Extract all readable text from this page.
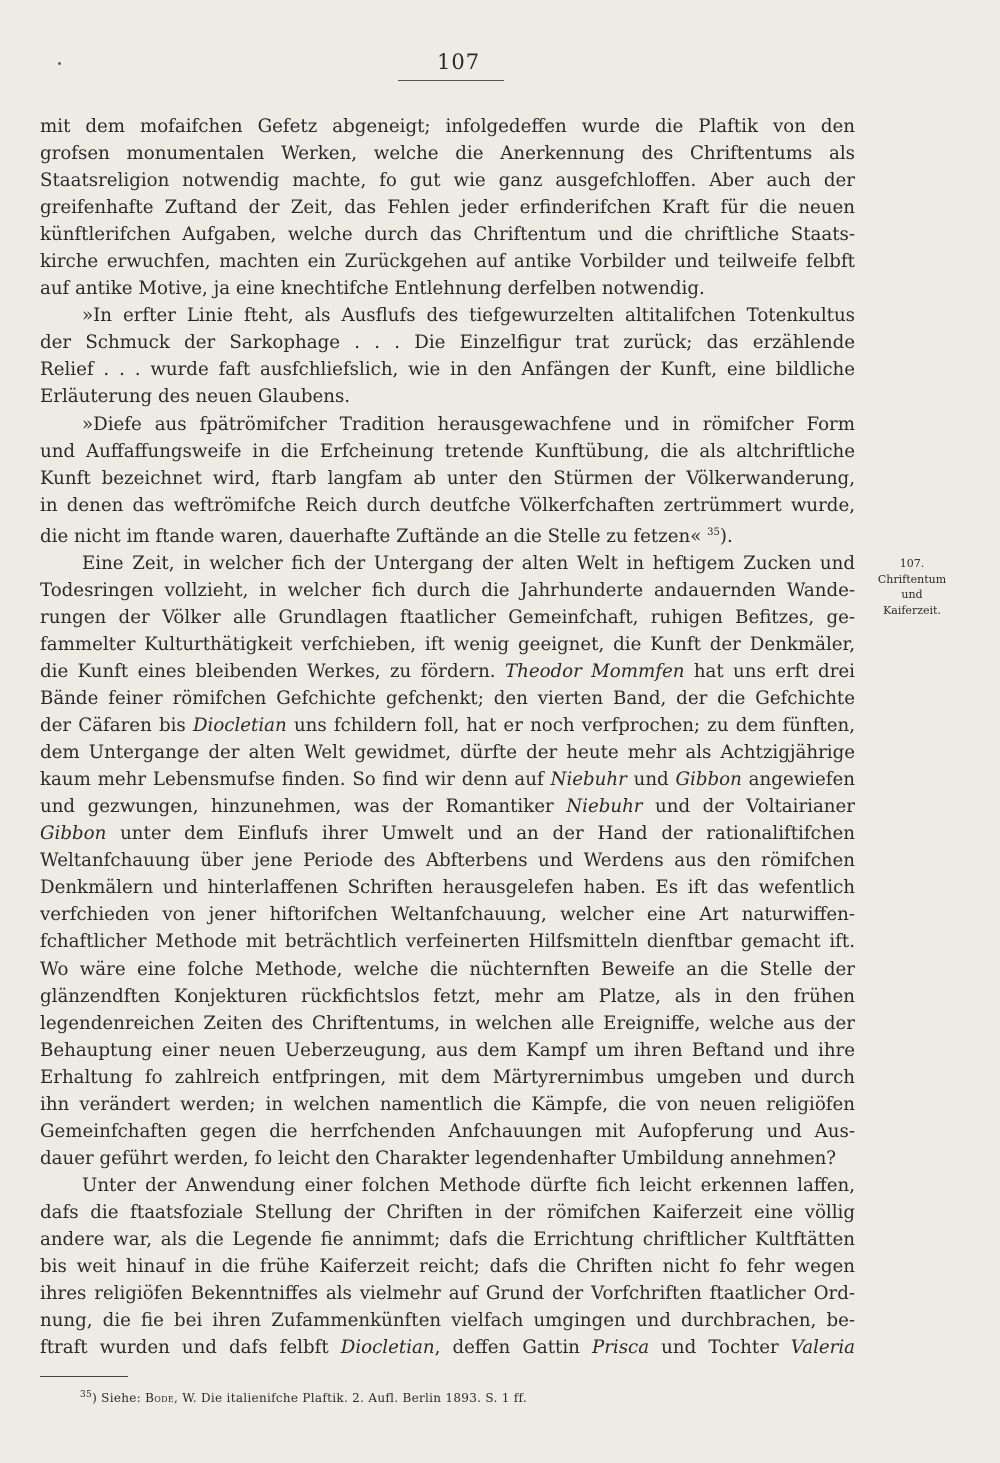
107

mit dem mofaifchen Gefetz abgeneigt; infolgedeffen wurde die Plaftik von den
grofsen monumentalen Werken, welche die Anerkennung des Chriftentums als
Staatsreligion notwendig machte, fo gut wie ganz ausgefchloffen. Aber auch der
greifenhafte Zuftand der Zeit, das Fehlen jeder erfinderifchen Kraft für die neuen
künftlerifchen Aufgaben, welche durch das Chriftentum und die chriftliche Staats-
kirche erwuchfen, machten ein Zurückgehen auf antike Vorbilder und teilweife felbft
auf antike Motive, ja eine knechtifche Entlehnung derfelben notwendig.

»In erfter Linie fteht, als Ausflufs des tiefgewurzelten altitalifchen Totenkultus
der Schmuck der Sarkophage . . . Die Einzelfigur trat zurück; das erzählende
Relief . . . wurde faft ausfchliefslich, wie in den Anfängen der Kunft, eine bildliche
Erläuterung des neuen Glaubens.

»Diefe aus fpätrömifcher Tradition herausgewachfene und in römifcher Form
und Auffaffungsweife in die Erfcheinung tretende Kunftübung, die als altchriftliche
Kunft bezeichnet wird, ftarb langfam ab unter den Stürmen der Völkerwanderung,
in denen das weftrömifche Reich durch deutfche Völkerfchaften zertrümmert wurde,
die nicht im ftande waren, dauerhafte Zuftände an die Stelle zu fetzen« $^{35}$).

Eine Zeit, in welcher fich der Untergang der alten Welt in heftigem Zucken und
Todesringen vollzieht, in welcher fich durch die Jahrhunderte andauernden Wande-
rungen der Völker alle Grundlagen ftaatlicher Gemeinfchaft, ruhigen Befitzes, ge-
fammelter Kulturthätigkeit verfchieben, ift wenig geeignet, die Kunft der Denkmäler,
die Kunft eines bleibenden Werkes, zu fördern. Theodor Mommfen hat uns erft drei
Bände feiner römifchen Gefchichte gefchenkt; den vierten Band, der die Gefchichte
der Cäfaren bis Diocletian uns fchildern foll, hat er noch verfprochen; zu dem fünften,
dem Untergange der alten Welt gewidmet, dürfte der heute mehr als Achtzigjährige
kaum mehr Lebensmufse finden. So find wir denn auf Niebuhr und Gibbon angewiefen
und gezwungen, hinzunehmen, was der Romantiker Niebuhr und der Voltairianer
Gibbon unter dem Einflufs ihrer Umwelt und an der Hand der rationaliftifchen
Weltanfchauung über jene Periode des Abfterbens und Werdens aus den römifchen
Denkmälern und hinterlaffenen Schriften herausgelefen haben. Es ift das wefentlich
verfchieden von jener hiftorifchen Weltanfchauung, welcher eine Art naturwiffen-
fchaftlicher Methode mit beträchtlich verfeinerten Hilfsmitteln dienftbar gemacht ift.
Wo wäre eine folche Methode, welche die nüchternften Beweife an die Stelle der
glänzendften Konjekturen rückfichtslos fetzt, mehr am Platze, als in den frühen
legendenreichen Zeiten des Chriftentums, in welchen alle Ereigniffe, welche aus der
Behauptung einer neuen Ueberzeugung, aus dem Kampf um ihren Beftand und ihre
Erhaltung fo zahlreich entfpringen, mit dem Märtyrernimbus umgeben und durch
ihn verändert werden; in welchen namentlich die Kämpfe, die von neuen religiöfen
Gemeinfchaften gegen die herrfchenden Anfchauungen mit Aufopferung und Aus-
dauer geführt werden, fo leicht den Charakter legendenhafter Umbildung annehmen?

Unter der Anwendung einer folchen Methode dürfte fich leicht erkennen laffen,
dafs die ftaatsfoziale Stellung der Chriften in der römifchen Kaiferzeit eine völlig
andere war, als die Legende fie annimmt; dafs die Errichtung chriftlicher Kultftätten
bis weit hinauf in die frühe Kaiferzeit reicht; dafs die Chriften nicht fo fehr wegen
ihres religiöfen Bekenntniffes als vielmehr auf Grund der Vorfchriften ftaatlicher Ord-
nung, die fie bei ihren Zufammenkünften vielfach umgingen und durchbrachen, be-
ftraft wurden und dafs felbft Diocletian, deffen Gattin Prisca und Tochter Valeria

107.
Chriftentum
und
Kaiferzeit.
$^{35}$) Siehe: Bode, W. Die italienifche Plaftik. 2. Aufl. Berlin 1893. S. 1 ff.
